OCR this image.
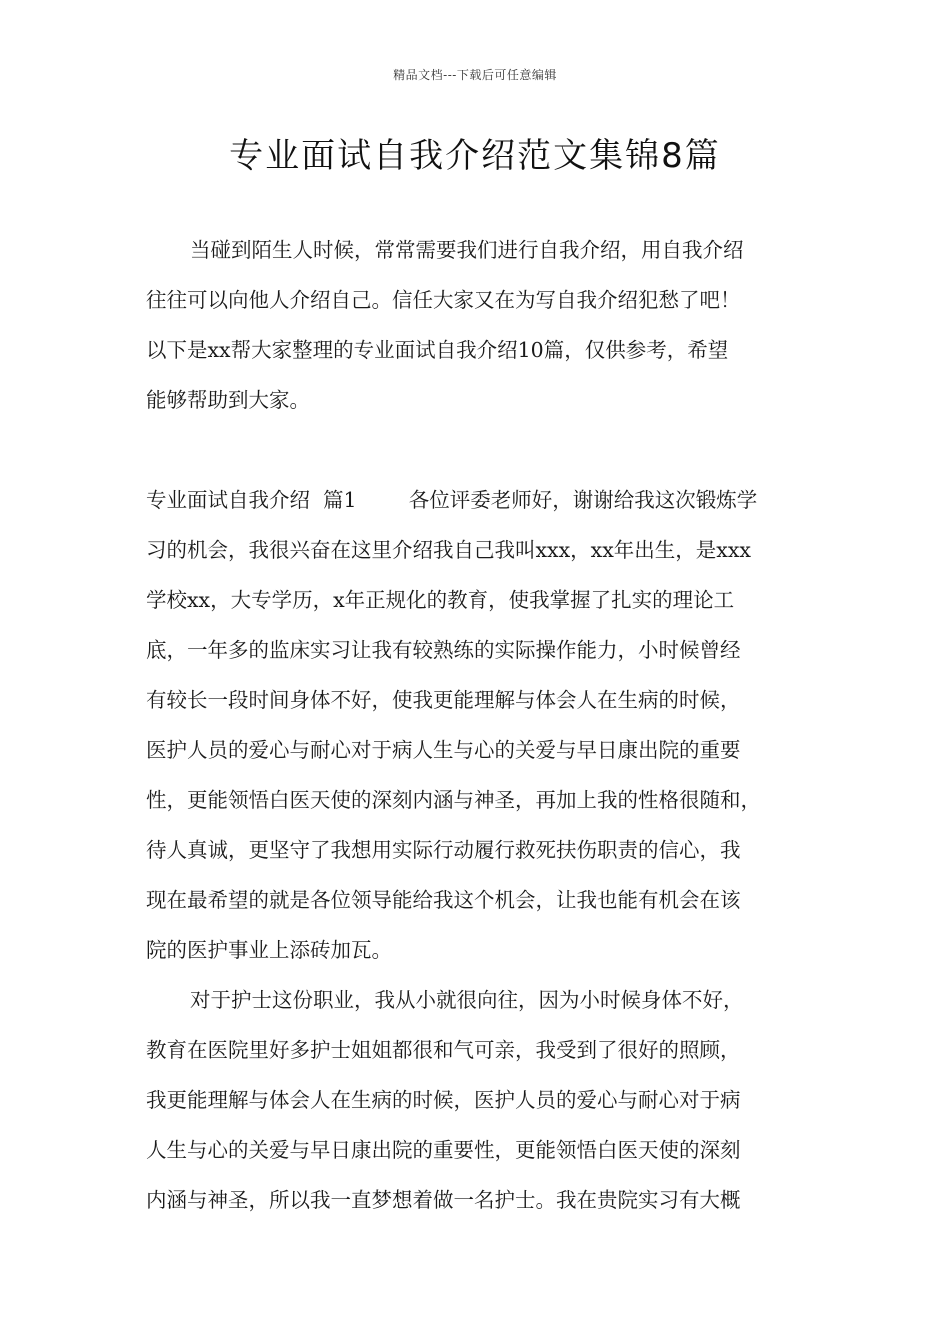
精品文档---下载后可任意编辑
专业面试自我介绍范文集锦8篇
当碰到陌生人时候，常常需要我们进行自我介绍，用自我介绍
往往可以向他人介绍自己。信任大家又在为写自我介绍犯愁了吧！
以下是xx帮大家整理的专业面试自我介绍10篇，仅供参考，希望
能够帮助到大家。
专业面试自我介绍  篇1        各位评委老师好，谢谢给我这次锻炼学
习的机会，我很兴奋在这里介绍我自己我叫xxx，xx年出生，是xxx
学校xx，大专学历，x年正规化的教育，使我掌握了扎实的理论工
底，一年多的监床实习让我有较熟练的实际操作能力，小时候曾经
有较长一段时间身体不好，使我更能理解与体会人在生病的时候，
医护人员的爱心与耐心对于病人生与心的关爱与早日康出院的重要
性，更能领悟白医天使的深刻内涵与神圣，再加上我的性格很随和，
待人真诚，更坚守了我想用实际行动履行救死扶伤职责的信心，我
现在最希望的就是各位领导能给我这个机会，让我也能有机会在该
院的医护事业上添砖加瓦。
对于护士这份职业，我从小就很向往，因为小时候身体不好，
教育在医院里好多护士姐姐都很和气可亲，我受到了很好的照顾，
我更能理解与体会人在生病的时候，医护人员的爱心与耐心对于病
人生与心的关爱与早日康出院的重要性，更能领悟白医天使的深刻
内涵与神圣，所以我一直梦想着做一名护士。我在贵院实习有大概
